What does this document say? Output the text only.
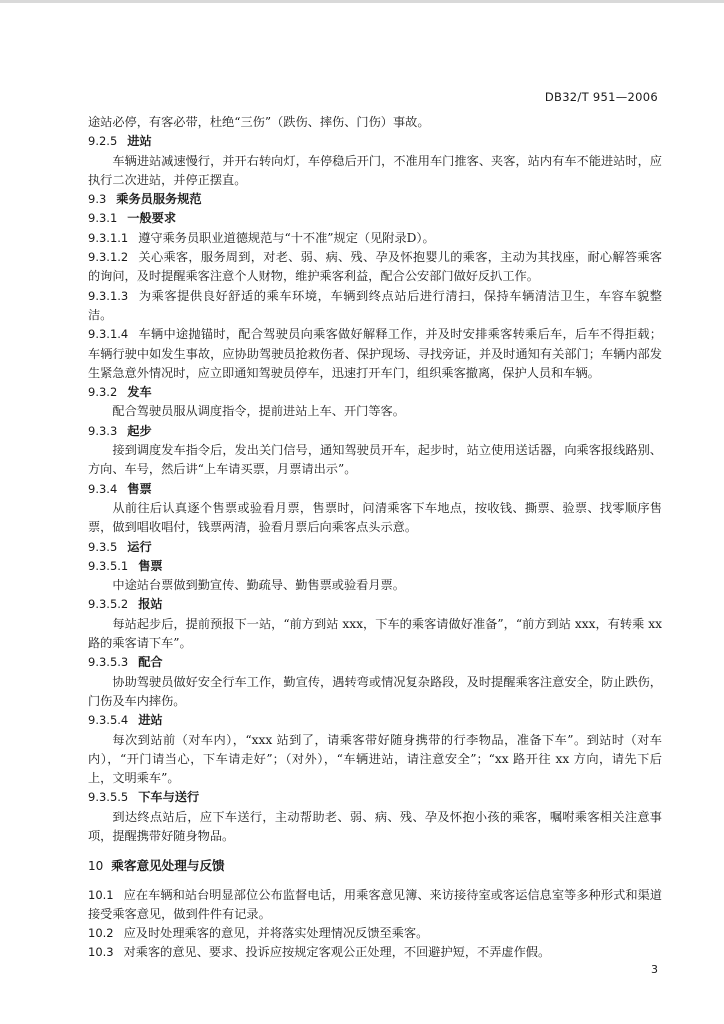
DB32/T 951—2006
途站必停，有客必带，杜绝“三伤”（跌伤、摔伤、门伤）事故。
9.2.5 进站
车辆进站减速慢行，并开右转向灯，车停稳后开门，不准用车门推客、夹客，站内有车不能进站时，应执行二次进站，并停正摆直。
9.3 乘务员服务规范
9.3.1 一般要求
9.3.1.1 遵守乘务员职业道德规范与“十不准”规定（见附录D）。
9.3.1.2 关心乘客，服务周到，对老、弱、病、残、孕及怀抱婴儿的乘客，主动为其找座，耐心解答乘客的询问，及时提醒乘客注意个人财物，维护乘客利益，配合公安部门做好反扒工作。
9.3.1.3 为乘客提供良好舒适的乘车环境，车辆到终点站后进行清扫，保持车辆清洁卫生，车容车貌整洁。
9.3.1.4 车辆中途抛锚时，配合驾驶员向乘客做好解释工作，并及时安排乘客转乘后车，后车不得拒载；车辆行驶中如发生事故，应协助驾驶员抢救伤者、保护现场、寻找旁证，并及时通知有关部门；车辆内部发生紧急意外情况时，应立即通知驾驶员停车，迅速打开车门，组织乘客撤离，保护人员和车辆。
9.3.2 发车
配合驾驶员服从调度指令，提前进站上车、开门等客。
9.3.3 起步
接到调度发车指令后，发出关门信号，通知驾驶员开车，起步时，站立使用送话器，向乘客报线路别、方向、车号，然后讲“上车请买票，月票请出示”。
9.3.4 售票
从前往后认真逐个售票或验看月票，售票时，问清乘客下车地点，按收钱、撕票、验票、找零顺序售票，做到唱收唱付，钱票两清，验看月票后向乘客点头示意。
9.3.5 运行
9.3.5.1 售票
中途站台票做到勤宣传、勤疏导、勤售票或验看月票。
9.3.5.2 报站
每站起步后，提前预报下一站，“前方到站 xxx，下车的乘客请做好准备”，“前方到站 xxx，有转乘 xx 路的乘客请下车”。
9.3.5.3 配合
协助驾驶员做好安全行车工作，勤宣传，遇转弯或情况复杂路段，及时提醒乘客注意安全，防止跌伤，门伤及车内摔伤。
9.3.5.4 进站
每次到站前（对车内），“xxx 站到了，请乘客带好随身携带的行李物品，准备下车”。到站时（对车内），“开门请当心，下车请走好”；（对外），“车辆进站，请注意安全”；“xx 路开往 xx 方向，请先下后上，文明乘车”。
9.3.5.5 下车与送行
到达终点站后，应下车送行，主动帮助老、弱、病、残、孕及怀抱小孩的乘客，嘱咐乘客相关注意事项，提醒携带好随身物品。
10 乘客意见处理与反馈
10.1 应在车辆和站台明显部位公布监督电话，用乘客意见簿、来访接待室或客运信息室等多种形式和渠道接受乘客意见，做到件件有记录。
10.2 应及时处理乘客的意见，并将落实处理情况反馈至乘客。
10.3 对乘客的意见、要求、投诉应按规定客观公正处理，不回避护短，不弄虚作假。
3
